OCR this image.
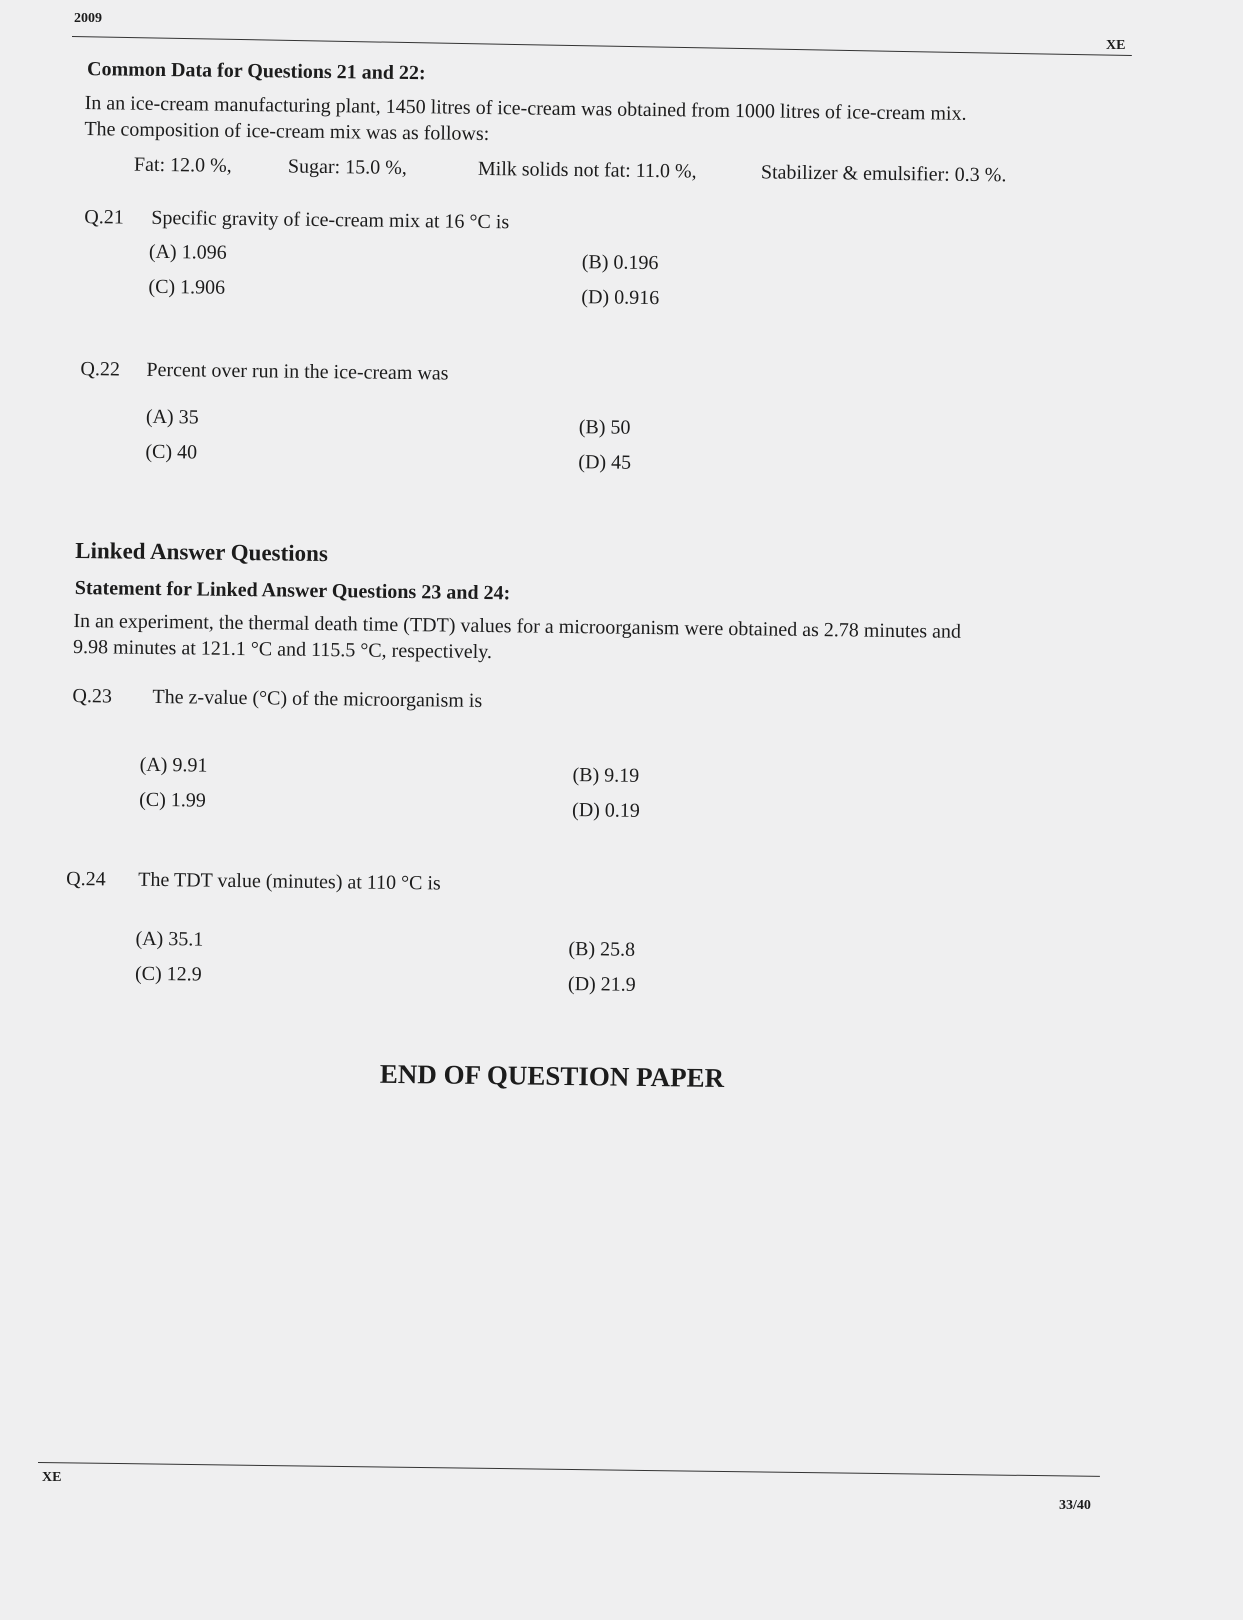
2009
XE
Common Data for Questions 21 and 22:
In an ice-cream manufacturing plant, 1450 litres of ice-cream was obtained from 1000 litres of ice-cream mix.
The composition of ice-cream mix was as follows:
Fat: 12.0 %,	Sugar: 15.0 %,	Milk solids not fat: 11.0 %,	Stabilizer & emulsifier: 0.3 %.
Q.21 Specific gravity of ice-cream mix at 16 °C is
(A) 1.096	(B) 0.196
(C) 1.906	(D) 0.916
Q.22 Percent over run in the ice-cream was
(A) 35	(B) 50
(C) 40	(D) 45
Linked Answer Questions
Statement for Linked Answer Questions 23 and 24:
In an experiment, the thermal death time (TDT) values for a microorganism were obtained as 2.78 minutes and
9.98 minutes at 121.1 °C and 115.5 °C, respectively.
Q.23 The z-value (°C) of the microorganism is
(A) 9.91	(B) 9.19
(C) 1.99	(D) 0.19
Q.24 The TDT value (minutes) at 110 °C is
(A) 35.1	(B) 25.8
(C) 12.9	(D) 21.9
END OF QUESTION PAPER
XE
33/40
